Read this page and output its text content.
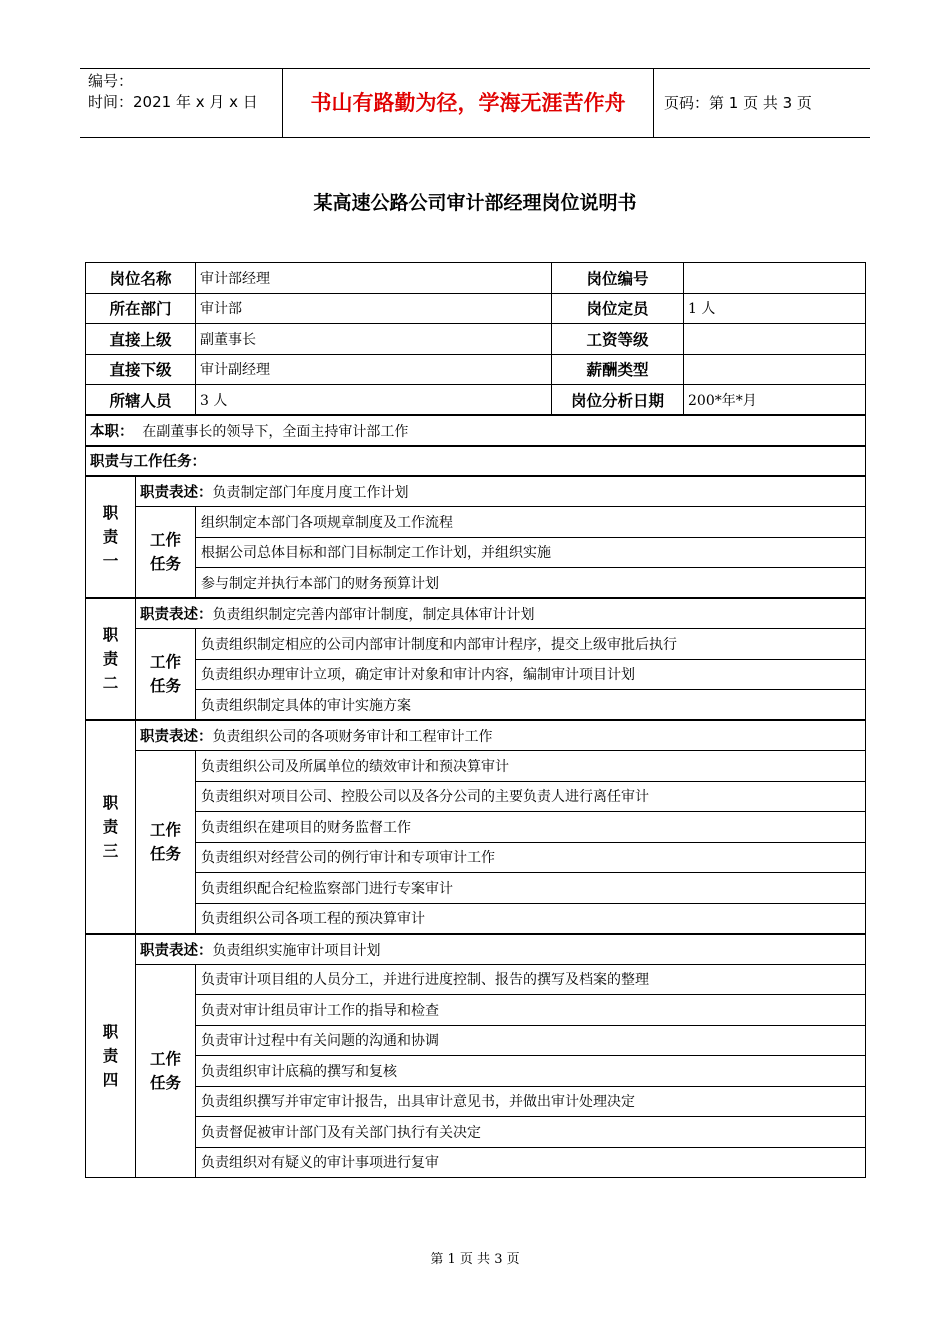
编号：
时间：2021 年 x 月 x 日	书山有路勤为径，学海无涯苦作舟	页码：第 1 页 共 3 页
某高速公路公司审计部经理岗位说明书
岗位名称		审计部经理	岗位编号	
所在部门		审计部	岗位定员	1 人
直接上级		副董事长	工资等级	
直接下级		审计副经理	薪酬类型	
所辖人员		3 人	岗位分析日期	200*年*月
本职： 在副董事长的领导下，全面主持审计部工作				
职责与工作任务：				

职
责
一	职责表述：负责制定部门年度月度工作计划			

	工作
任务	组织制定本部门各项规章制度及工作流程		
		根据公司总体目标和部门目标制定工作计划，并组织实施		
		参与制定并执行本部门的财务预算计划		

职
责
二	职责表述：负责组织制定完善内部审计制度，制定具体审计计划			

	工作
任务	负责组织制定相应的公司内部审计制度和内部审计程序，提交上级审批后执行		
		负责组织办理审计立项，确定审计对象和审计内容，编制审计项目计划		
		负责组织制定具体的审计实施方案		

职
责
三	职责表述：负责组织公司的各项财务审计和工程审计工作			

	工作
任务	负责组织公司及所属单位的绩效审计和预决算审计		
		负责组织对项目公司、控股公司以及各分公司的主要负责人进行离任审计		
		负责组织在建项目的财务监督工作		
		负责组织对经营公司的例行审计和专项审计工作		
		负责组织配合纪检监察部门进行专案审计		
		负责组织公司各项工程的预决算审计		

职
责
四	职责表述：负责组织实施审计项目计划			

	工作
任务	负责审计项目组的人员分工，并进行进度控制、报告的撰写及档案的整理		
		负责对审计组员审计工作的指导和检查		
		负责审计过程中有关问题的沟通和协调		
		负责组织审计底稿的撰写和复核		
		负责组织撰写并审定审计报告，出具审计意见书，并做出审计处理决定		
		负责督促被审计部门及有关部门执行有关决定		
		负责组织对有疑义的审计事项进行复审		
第 1 页 共 3 页
